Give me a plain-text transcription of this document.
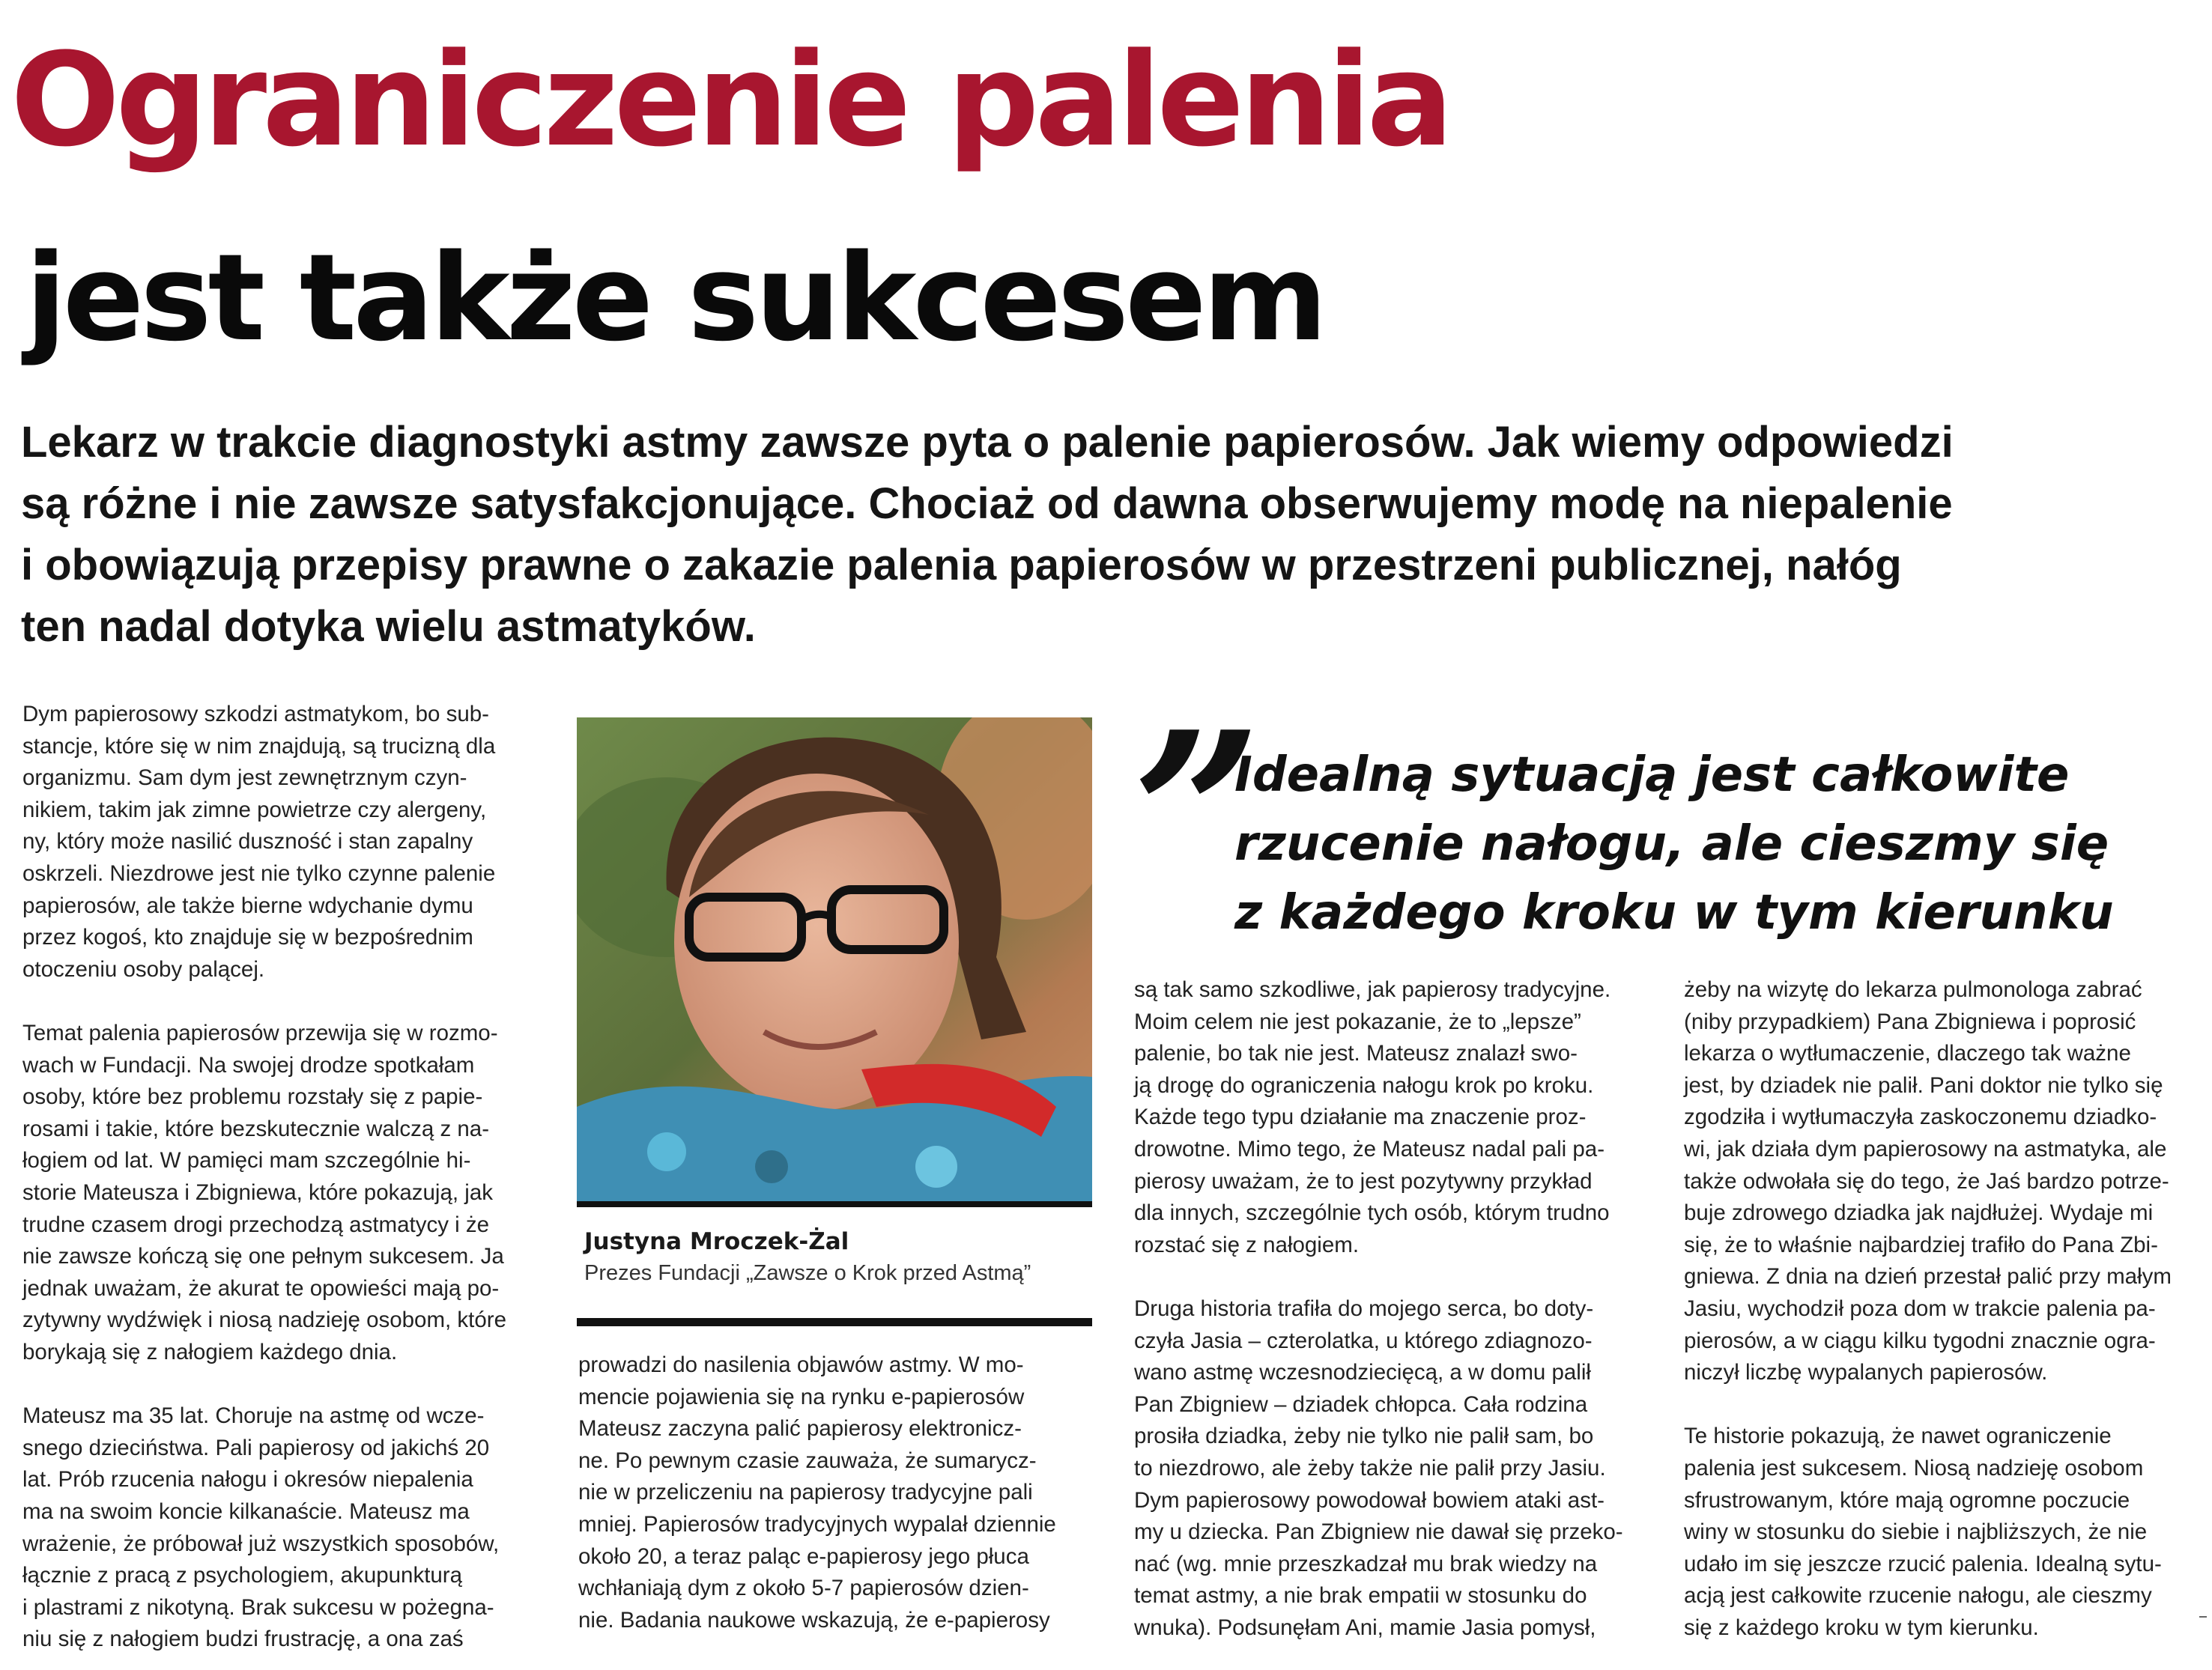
Ograniczenie palenia
jest także sukcesem
Lekarz w trakcie diagnostyki astmy zawsze pyta o palenie papierosów. Jak wiemy odpowiedzi
są różne i nie zawsze satysfakcjonujące. Chociaż od dawna obserwujemy modę na niepalenie
i obowiązują przepisy prawne o zakazie palenia papierosów w przestrzeni publicznej, nałóg
ten nadal dotyka wielu astmatyków.
Dym papierosowy szkodzi astmatykom, bo sub-
stancje, które się w nim znajdują, są trucizną dla
organizmu. Sam dym jest zewnętrznym czyn-
nikiem, takim jak zimne powietrze czy alergeny,
ny, który może nasilić duszność i stan zapalny
oskrzeli. Niezdrowe jest nie tylko czynne palenie
papierosów, ale także bierne wdychanie dymu
przez kogoś, kto znajduje się w bezpośrednim
otoczeniu osoby palącej.
Temat palenia papierosów przewija się w rozmo-
wach w Fundacji. Na swojej drodze spotkałam
osoby, które bez problemu rozstały się z papie-
rosami i takie, które bezskutecznie walczą z na-
łogiem od lat. W pamięci mam szczególnie hi-
storie Mateusza i Zbigniewa, które pokazują, jak
trudne czasem drogi przechodzą astmatycy i że
nie zawsze kończą się one pełnym sukcesem. Ja
jednak uważam, że akurat te opowieści mają po-
zytywny wydźwięk i niosą nadzieję osobom, które
borykają się z nałogiem każdego dnia.
Mateusz ma 35 lat. Choruje na astmę od wcze-
snego dzieciństwa. Pali papierosy od jakichś 20
lat. Prób rzucenia nałogu i okresów niepalenia
ma na swoim koncie kilkanaście. Mateusz ma
wrażenie, że próbował już wszystkich sposobów,
łącznie z pracą z psychologiem, akupunkturą
i plastrami z nikotyną. Brak sukcesu w pożegna-
niu się z nałogiem budzi frustrację, a ona zaś
prowadzi do nasilenia objawów astmy. W mo-
mencie pojawienia się na rynku e-papierosów
Mateusz zaczyna palić papierosy elektronicz-
ne. Po pewnym czasie zauważa, że sumarycz-
nie w przeliczeniu na papierosy tradycyjne pali
mniej. Papierosów tradycyjnych wypalał dziennie
około 20, a teraz paląc e-papierosy jego płuca
wchłaniają dym z około 5-7 papierosów dzien-
nie. Badania naukowe wskazują, że e-papierosy
są tak samo szkodliwe, jak papierosy tradycyjne.
Moim celem nie jest pokazanie, że to „lepsze”
palenie, bo tak nie jest. Mateusz znalazł swo-
ją drogę do ograniczenia nałogu krok po kroku.
Każde tego typu działanie ma znaczenie proz-
drowotne. Mimo tego, że Mateusz nadal pali pa-
pierosy uważam, że to jest pozytywny przykład
dla innych, szczególnie tych osób, którym trudno
rozstać się z nałogiem.
Druga historia trafiła do mojego serca, bo doty-
czyła Jasia – czterolatka, u którego zdiagnozo-
wano astmę wczesnodziecięcą, a w domu palił
Pan Zbigniew – dziadek chłopca. Cała rodzina
prosiła dziadka, żeby nie tylko nie palił sam, bo
to niezdrowo, ale żeby także nie palił przy Jasiu.
Dym papierosowy powodował bowiem ataki ast-
my u dziecka. Pan Zbigniew nie dawał się przeko-
nać (wg. mnie przeszkadzał mu brak wiedzy na
temat astmy, a nie brak empatii w stosunku do
wnuka). Podsunęłam Ani, mamie Jasia pomysł,
żeby na wizytę do lekarza pulmonologa zabrać
(niby przypadkiem) Pana Zbigniewa i poprosić
lekarza o wytłumaczenie, dlaczego tak ważne
jest, by dziadek nie palił. Pani doktor nie tylko się
zgodziła i wytłumaczyła zaskoczonemu dziadko-
wi, jak działa dym papierosowy na astmatyka, ale
także odwołała się do tego, że Jaś bardzo potrze-
buje zdrowego dziadka jak najdłużej. Wydaje mi
się, że to właśnie najbardziej trafiło do Pana Zbi-
gniewa. Z dnia na dzień przestał palić przy małym
Jasiu, wychodził poza dom w trakcie palenia pa-
pierosów, a w ciągu kilku tygodni znacznie ogra-
niczył liczbę wypalanych papierosów.
Te historie pokazują, że nawet ograniczenie
palenia jest sukcesem. Niosą nadzieję osobom
sfrustrowanym, które mają ogromne poczucie
winy w stosunku do siebie i najbliższych, że nie
udało im się jeszcze rzucić palenia. Idealną sytu-
acją jest całkowite rzucenie nałogu, ale cieszmy
się z każdego kroku w tym kierunku.
Justyna Mroczek-Żal
Prezes Fundacji „Zawsze o Krok przed Astmą”
”
Idealną sytuacją jest całkowite
rzucenie nałogu, ale cieszmy się
z każdego kroku w tym kierunku
